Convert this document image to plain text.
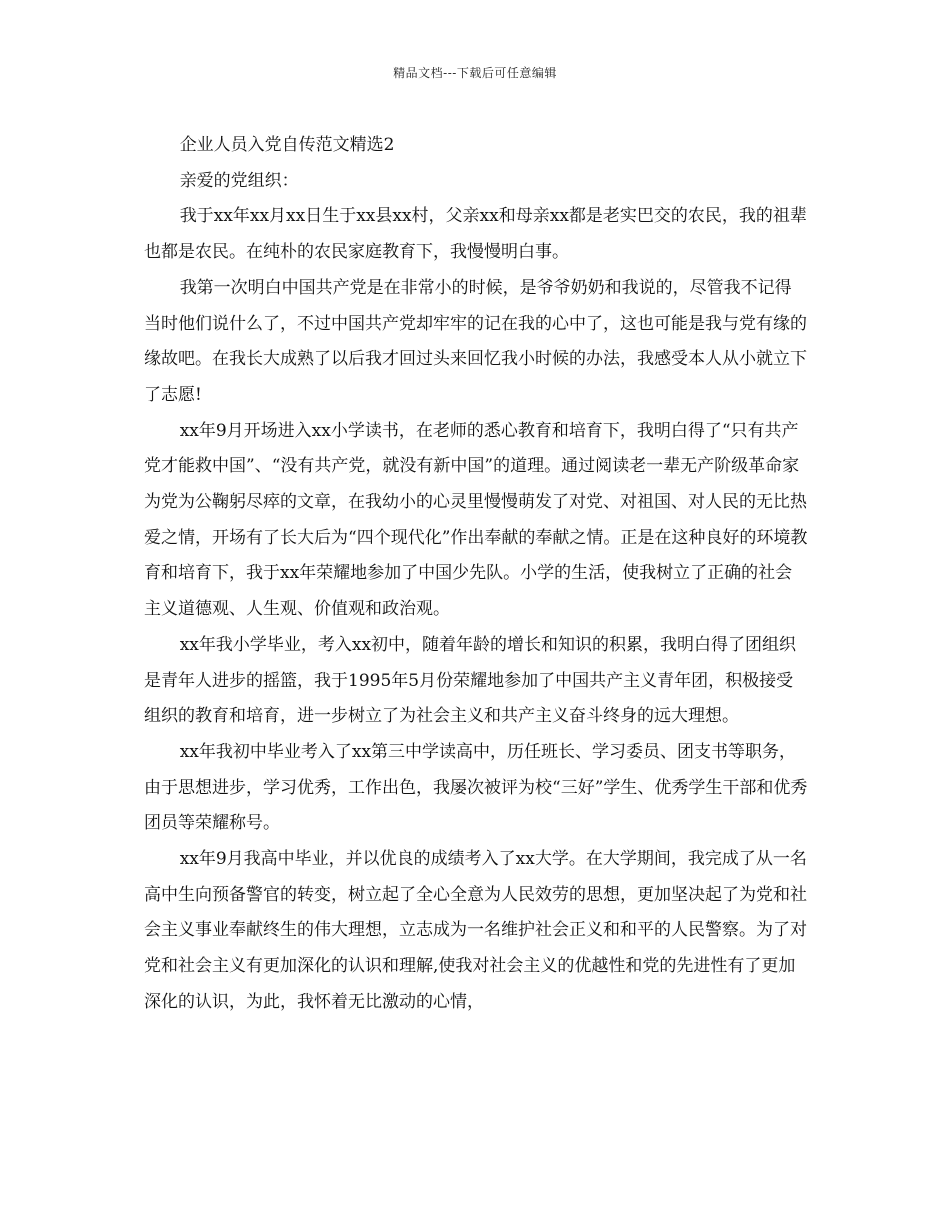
精品文档---下载后可任意编辑

企业人员入党自传范文精选2

亲爱的党组织：

我于xx年xx月xx日生于xx县xx村，父亲xx和母亲xx都是老实巴交的农民，我的祖辈也都是农民。在纯朴的农民家庭教育下，我慢慢明白事。

我第一次明白中国共产党是在非常小的时候，是爷爷奶奶和我说的，尽管我不记得当时他们说什么了，不过中国共产党却牢牢的记在我的心中了，这也可能是我与党有缘的缘故吧。在我长大成熟了以后我才回过头来回忆我小时候的办法，我感受本人从小就立下了志愿!

xx年9月开场进入xx小学读书，在老师的悉心教育和培育下，我明白得了“只有共产党才能救中国”、“没有共产党，就没有新中国”的道理。通过阅读老一辈无产阶级革命家为党为公鞠躬尽瘁的文章，在我幼小的心灵里慢慢萌发了对党、对祖国、对人民的无比热爱之情，开场有了长大后为“四个现代化”作出奉献的奉献之情。正是在这种良好的环境教育和培育下，我于xx年荣耀地参加了中国少先队。小学的生活，使我树立了正确的社会主义道德观、人生观、价值观和政治观。

xx年我小学毕业，考入xx初中，随着年龄的增长和知识的积累，我明白得了团组织是青年人进步的摇篮，我于1995年5月份荣耀地参加了中国共产主义青年团，积极接受组织的教育和培育，进一步树立了为社会主义和共产主义奋斗终身的远大理想。

xx年我初中毕业考入了xx第三中学读高中，历任班长、学习委员、团支书等职务，由于思想进步，学习优秀，工作出色，我屡次被评为校“三好”学生、优秀学生干部和优秀团员等荣耀称号。

xx年9月我高中毕业，并以优良的成绩考入了xx大学。在大学期间，我完成了从一名高中生向预备警官的转变，树立起了全心全意为人民效劳的思想，更加坚决起了为党和社会主义事业奉献终生的伟大理想，立志成为一名维护社会正义和和平的人民警察。为了对党和社会主义有更加深化的认识和理解,使我对社会主义的优越性和党的先进性有了更加深化的认识，为此，我怀着无比激动的心情，
